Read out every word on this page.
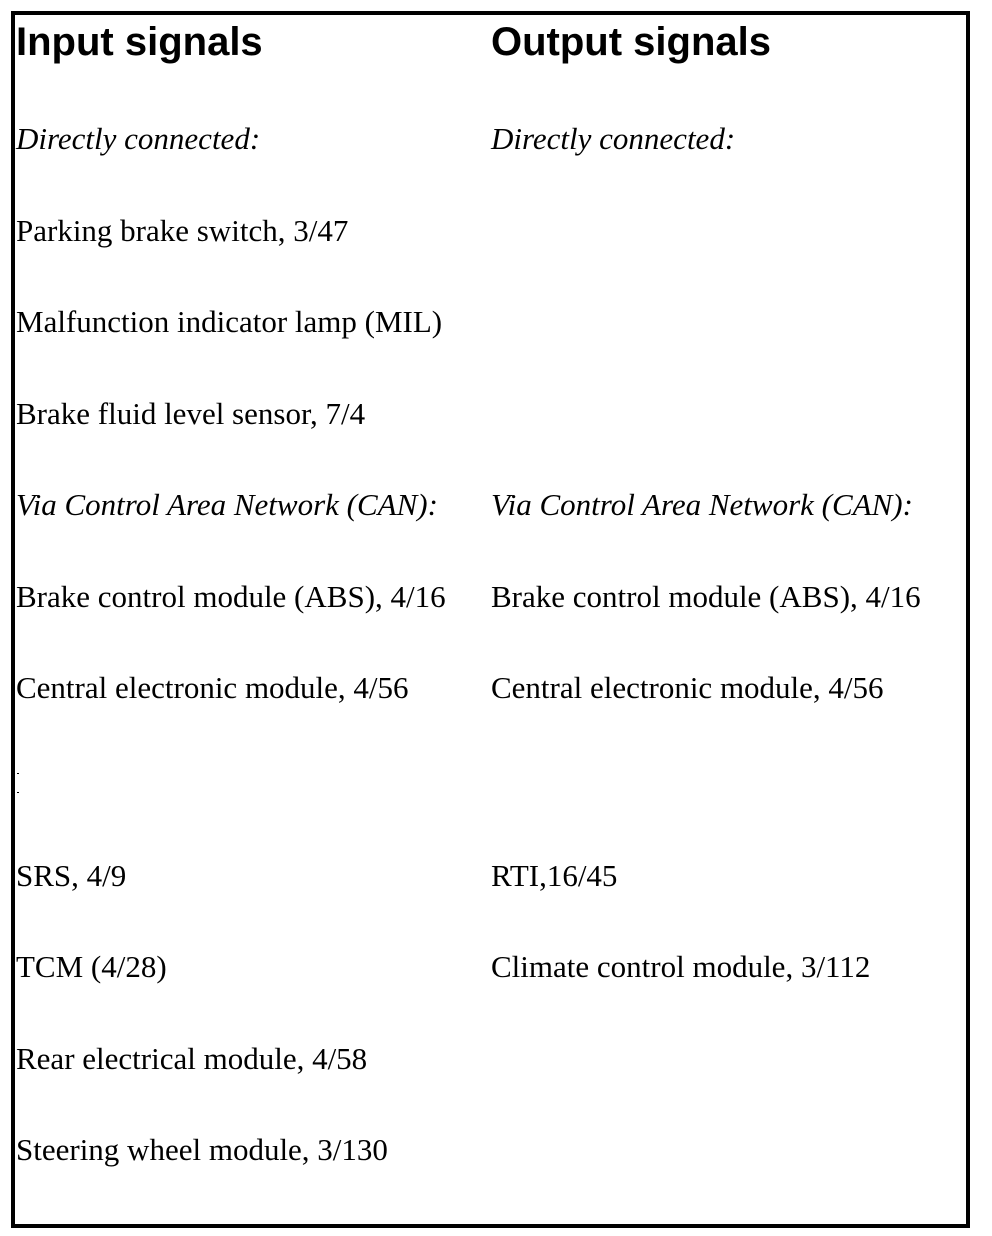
Input signals	Output signals
Directly connected:
Parking brake switch, 3/47
Malfunction indicator lamp (MIL)
Brake fluid level sensor, 7/4
Via Control Area Network (CAN):
Brake control module (ABS), 4/16
Central electronic module, 4/56
SRS, 4/9
TCM (4/28)
Rear electrical module, 4/58
Steering wheel module, 3/130
Directly connected:
Via Control Area Network (CAN):
Brake control module (ABS), 4/16
Central electronic module, 4/56
RTI,16/45
Climate control module, 3/112
